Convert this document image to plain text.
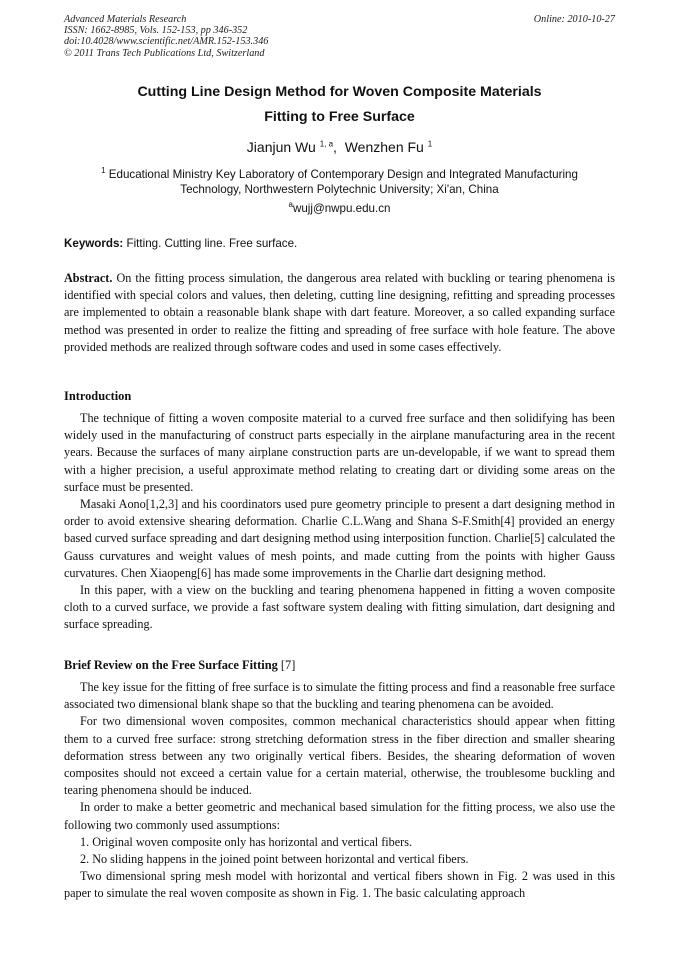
Advanced Materials Research
ISSN: 1662-8985, Vols. 152-153, pp 346-352
doi:10.4028/www.scientific.net/AMR.152-153.346
© 2011 Trans Tech Publications Ltd, Switzerland
Online: 2010-10-27
Cutting Line Design Method for Woven Composite Materials
Fitting to Free Surface
Jianjun Wu $^{1, a}$, Wenzhen Fu $^1$
$^1$ Educational Ministry Key Laboratory of Contemporary Design and Integrated Manufacturing
Technology, Northwestern Polytechnic University; Xi'an, China
$^a$wujj@nwpu.edu.cn
Keywords: Fitting. Cutting line. Free surface.

Abstract. On the fitting process simulation, the dangerous area related with buckling or tearing phenomena is identified with special colors and values, then deleting, cutting line designing, refitting and spreading processes are implemented to obtain a reasonable blank shape with dart feature. Moreover, a so called expanding surface method was presented in order to realize the fitting and spreading of free surface with hole feature. The above provided methods are realized through software codes and used in some cases effectively.

Introduction

The technique of fitting a woven composite material to a curved free surface and then solidifying has been widely used in the manufacturing of construct parts especially in the airplane manufacturing area in the recent years. Because the surfaces of many airplane construction parts are un-developable, if we want to spread them with a higher precision, a useful approximate method relating to creating dart or dividing some areas on the surface must be presented.

Masaki Aono[1,2,3] and his coordinators used pure geometry principle to present a dart designing method in order to avoid extensive shearing deformation. Charlie C.L.Wang and Shana S-F.Smith[4] provided an energy based curved surface spreading and dart designing method using interposition function. Charlie[5] calculated the Gauss curvatures and weight values of mesh points, and made cutting from the points with higher Gauss curvatures. Chen Xiaopeng[6] has made some improvements in the Charlie dart designing method.

In this paper, with a view on the buckling and tearing phenomena happened in fitting a woven composite cloth to a curved surface, we provide a fast software system dealing with fitting simulation, dart designing and surface spreading.

Brief Review on the Free Surface Fitting [7]

The key issue for the fitting of free surface is to simulate the fitting process and find a reasonable free surface associated two dimensional blank shape so that the buckling and tearing phenomena can be avoided.

For two dimensional woven composites, common mechanical characteristics should appear when fitting them to a curved free surface: strong stretching deformation stress in the fiber direction and smaller shearing deformation stress between any two originally vertical fibers. Besides, the shearing deformation of woven composites should not exceed a certain value for a certain material, otherwise, the troublesome buckling and tearing phenomena should be induced.

In order to make a better geometric and mechanical based simulation for the fitting process, we also use the following two commonly used assumptions:

1. Original woven composite only has horizontal and vertical fibers.

2. No sliding happens in the joined point between horizontal and vertical fibers.

Two dimensional spring mesh model with horizontal and vertical fibers shown in Fig. 2 was used in this paper to simulate the real woven composite as shown in Fig. 1. The basic calculating approach
